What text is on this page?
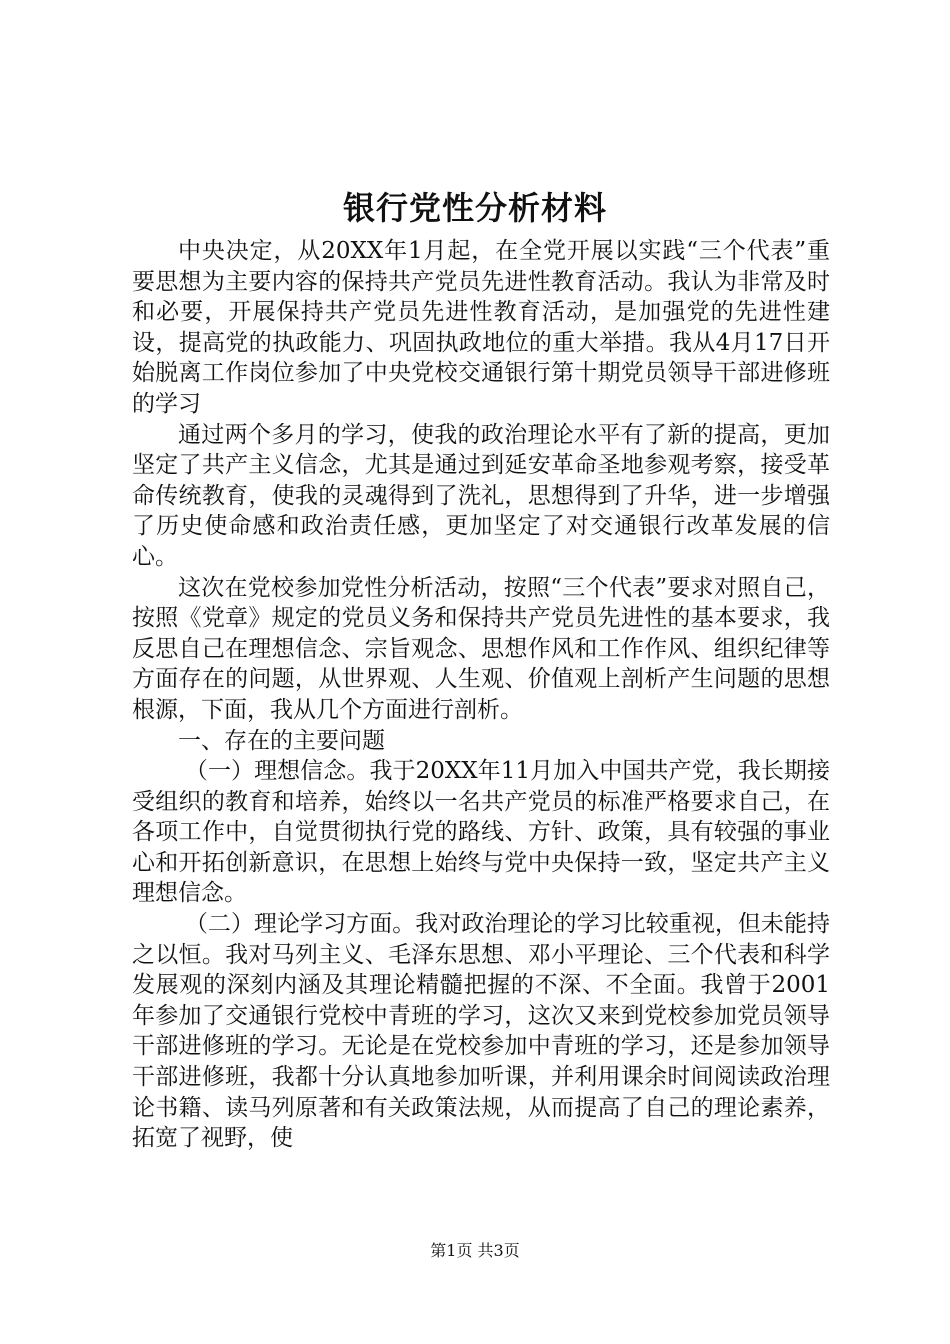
银行党性分析材料

中央决定，从20XX年1月起，在全党开展以实践“三个代表”重要思想为主要内容的保持共产党员先进性教育活动。我认为非常及时和必要，开展保持共产党员先进性教育活动，是加强党的先进性建设，提高党的执政能力、巩固执政地位的重大举措。我从4月17日开始脱离工作岗位参加了中央党校交通银行第十期党员领导干部进修班的学习

通过两个多月的学习，使我的政治理论水平有了新的提高，更加坚定了共产主义信念，尤其是通过到延安革命圣地参观考察，接受革命传统教育，使我的灵魂得到了洗礼，思想得到了升华，进一步增强了历史使命感和政治责任感，更加坚定了对交通银行改革发展的信心。

这次在党校参加党性分析活动，按照“三个代表”要求对照自己，按照《党章》规定的党员义务和保持共产党员先进性的基本要求，我反思自己在理想信念、宗旨观念、思想作风和工作作风、组织纪律等方面存在的问题，从世界观、人生观、价值观上剖析产生问题的思想根源，下面，我从几个方面进行剖析。

一、存在的主要问题

（一）理想信念。我于20XX年11月加入中国共产党，我长期接受组织的教育和培养，始终以一名共产党员的标准严格要求自己，在各项工作中，自觉贯彻执行党的路线、方针、政策，具有较强的事业心和开拓创新意识，在思想上始终与党中央保持一致，坚定共产主义理想信念。

（二）理论学习方面。我对政治理论的学习比较重视，但未能持之以恒。我对马列主义、毛泽东思想、邓小平理论、三个代表和科学发展观的深刻内涵及其理论精髓把握的不深、不全面。我曾于2001年参加了交通银行党校中青班的学习，这次又来到党校参加党员领导干部进修班的学习。无论是在党校参加中青班的学习，还是参加领导干部进修班，我都十分认真地参加听课，并利用课余时间阅读政治理论书籍、读马列原著和有关政策法规，从而提高了自己的理论素养，拓宽了视野，使

第1页 共3页
